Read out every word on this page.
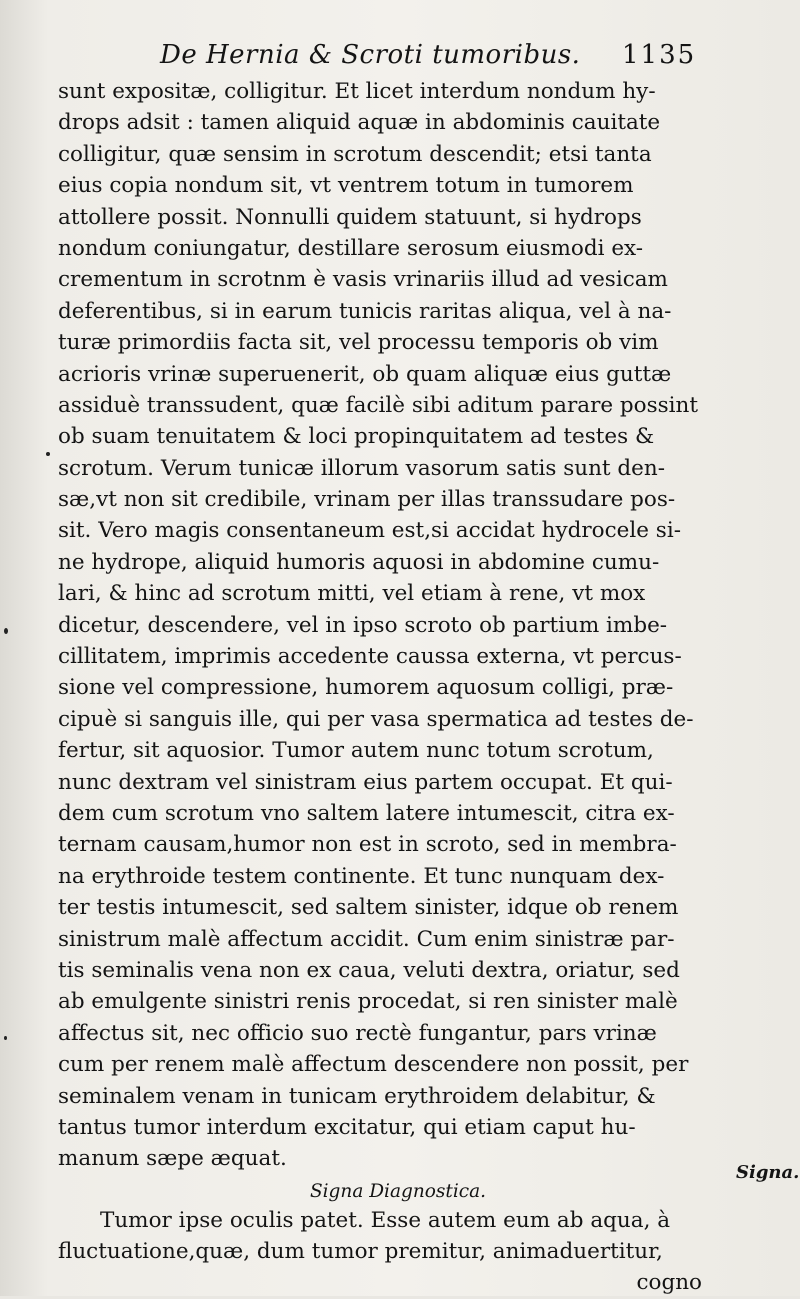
De Hernia & Scroti tumoribus. 1135
sunt expositæ, colligitur. Et licet interdum nondum hy-
drops adsit : tamen aliquid aquæ in abdominis cauitate
colligitur, quæ sensim in scrotum descendit; etsi tanta
eius copia nondum sit, vt ventrem totum in tumorem
attollere possit. Nonnulli quidem statuunt, si hydrops
nondum coniungatur, destillare serosum eiusmodi ex-
crementum in scrotnm è vasis vrinariis illud ad vesicam
deferentibus, si in earum tunicis raritas aliqua, vel à na-
turæ primordiis facta sit, vel processu temporis ob vim
acrioris vrinæ superuenerit, ob quam aliquæ eius guttæ
assiduè transsudent, quæ facilè sibi aditum parare possint
ob suam tenuitatem & loci propinquitatem ad testes &
scrotum. Verum tunicæ illorum vasorum satis sunt den-
sæ,vt non sit credibile, vrinam per illas transsudare pos-
sit. Vero magis consentaneum est,si accidat hydrocele si-
ne hydrope, aliquid humoris aquosi in abdomine cumu-
lari, & hinc ad scrotum mitti, vel etiam à rene, vt mox
dicetur, descendere, vel in ipso scroto ob partium imbe-
cillitatem, imprimis accedente caussa externa, vt percus-
sione vel compressione, humorem aquosum colligi, præ-
cipuè si sanguis ille, qui per vasa spermatica ad testes de-
fertur, sit aquosior. Tumor autem nunc totum scrotum,
nunc dextram vel sinistram eius partem occupat. Et qui-
dem cum scrotum vno saltem latere intumescit, citra ex-
ternam causam,humor non est in scroto, sed in membra-
na erythroide testem continente. Et tunc nunquam dex-
ter testis intumescit, sed saltem sinister, idque ob renem
sinistrum malè affectum accidit. Cum enim sinistræ par-
tis seminalis vena non ex caua, veluti dextra, oriatur, sed
ab emulgente sinistri renis procedat, si ren sinister malè
affectus sit, nec officio suo rectè fungantur, pars vrinæ
cum per renem malè affectum descendere non possit, per
seminalem venam in tunicam erythroidem delabitur, &
tantus tumor interdum excitatur, qui etiam caput hu-
manum sæpe æquat.
Signa Diagnostica.
Tumor ipse oculis patet. Esse autem eum ab aqua, à
fluctuatione,quæ, dum tumor premitur, animaduertitur,
cogno
Signa.
